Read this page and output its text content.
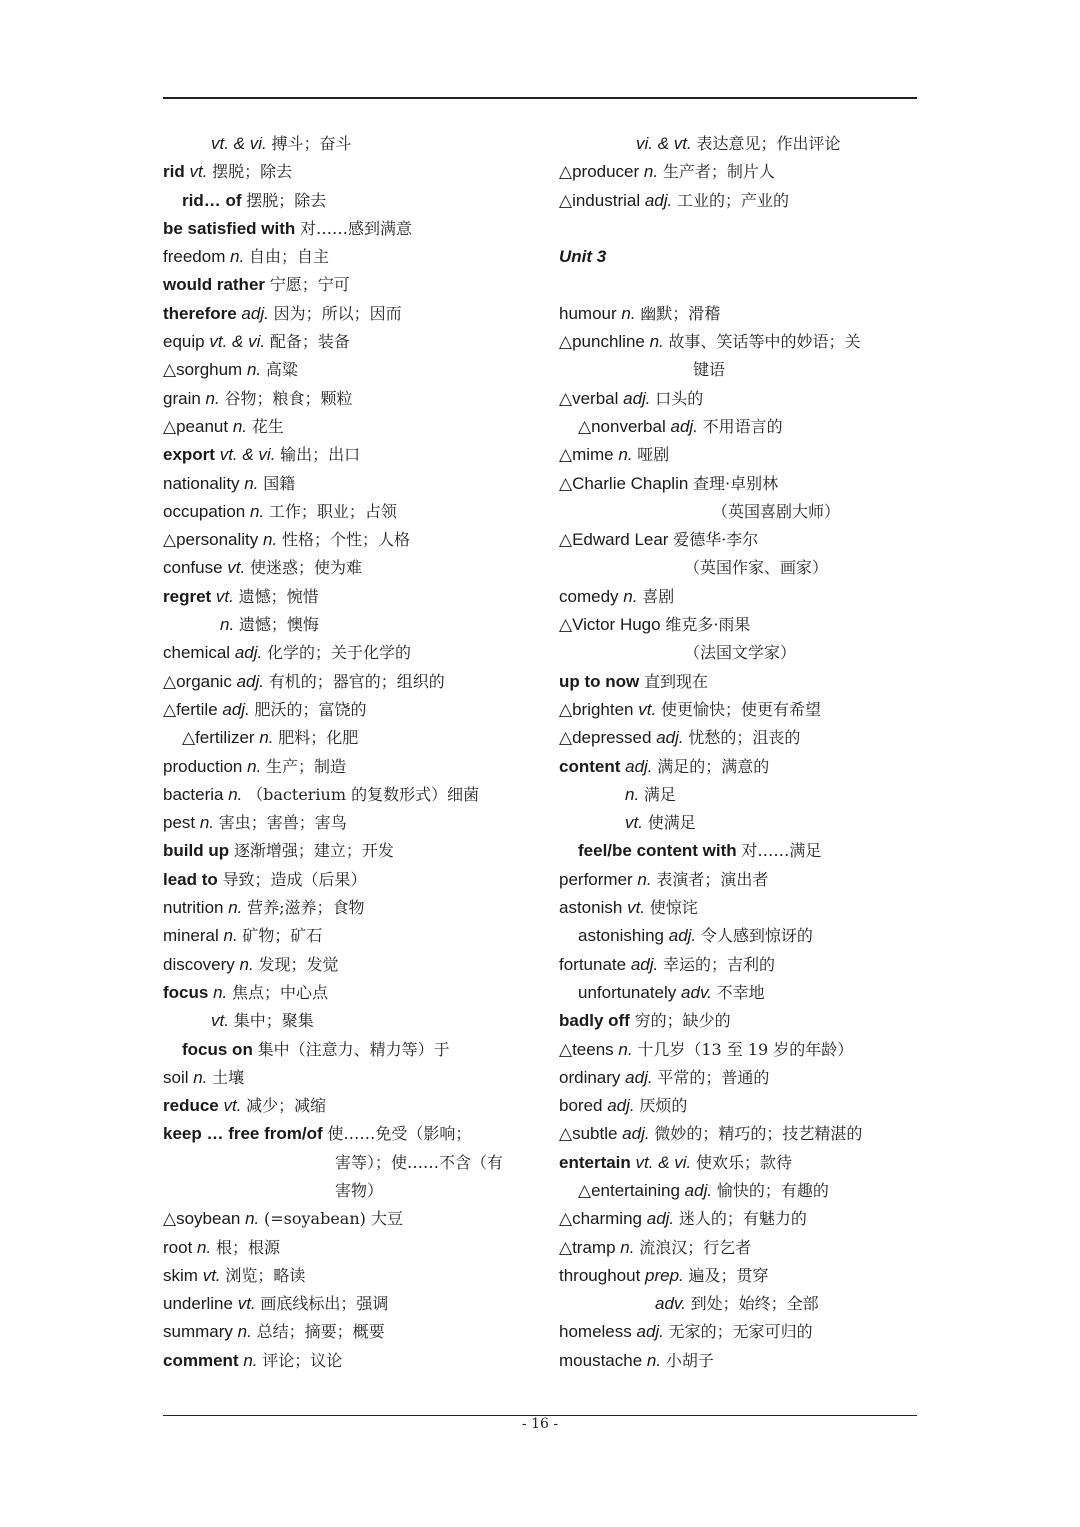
vt. & vi. 搏斗；奋斗
rid vt. 摆脱；除去
rid… of 摆脱；除去
be satisfied with 对……感到满意
freedom n. 自由；自主
would rather 宁愿；宁可
therefore adj. 因为；所以；因而
equip vt. & vi. 配备；装备
△sorghum n. 高粱
grain n. 谷物；粮食；颗粒
△peanut n. 花生
export vt. & vi. 输出；出口
nationality n. 国籍
occupation n. 工作；职业；占领
△personality n. 性格；个性；人格
confuse vt. 使迷惑；使为难
regret vt. 遗憾；惋惜
n. 遗憾；懊悔
chemical adj. 化学的；关于化学的
△organic adj. 有机的；器官的；组织的
△fertile adj. 肥沃的；富饶的
△fertilizer n. 肥料；化肥
production n. 生产；制造
bacteria n. （bacterium 的复数形式）细菌
pest n. 害虫；害兽；害鸟
build up 逐渐增强；建立；开发
lead to 导致；造成（后果）
nutrition n. 营养;滋养；食物
mineral n. 矿物；矿石
discovery n. 发现；发觉
focus n. 焦点；中心点
vt. 集中；聚集
focus on 集中（注意力、精力等）于
soil n. 土壤
reduce vt. 减少；减缩
keep … free from/of 使……免受（影响；
害等）；使……不含（有
害物）
△soybean n. (=soyabean) 大豆
root n. 根；根源
skim vt. 浏览；略读
underline vt. 画底线标出；强调
summary n. 总结；摘要；概要
comment n. 评论；议论
vi. & vt. 表达意见；作出评论
△producer n. 生产者；制片人
△industrial adj. 工业的；产业的
Unit 3
humour n. 幽默；滑稽
△punchline n. 故事、笑话等中的妙语；关
键语
△verbal adj. 口头的
△nonverbal adj. 不用语言的
△mime n. 哑剧
△Charlie Chaplin 查理·卓别林
（英国喜剧大师）
△Edward Lear 爱德华·李尔
（英国作家、画家）
comedy n. 喜剧
△Victor Hugo 维克多·雨果
（法国文学家）
up to now 直到现在
△brighten vt. 使更愉快；使更有希望
△depressed adj. 忧愁的；沮丧的
content adj. 满足的；满意的
n. 满足
vt. 使满足
feel/be content with 对……满足
performer n. 表演者；演出者
astonish vt. 使惊诧
astonishing adj. 令人感到惊讶的
fortunate adj. 幸运的；吉利的
unfortunately adv. 不幸地
badly off 穷的；缺少的
△teens n. 十几岁（13 至 19 岁的年龄）
ordinary adj. 平常的；普通的
bored adj. 厌烦的
△subtle adj. 微妙的；精巧的；技艺精湛的
entertain vt. & vi. 使欢乐；款待
△entertaining adj. 愉快的；有趣的
△charming adj. 迷人的；有魅力的
△tramp n. 流浪汉；行乞者
throughout prep. 遍及；贯穿
adv. 到处；始终；全部
homeless adj. 无家的；无家可归的
moustache n. 小胡子
- 16 -
